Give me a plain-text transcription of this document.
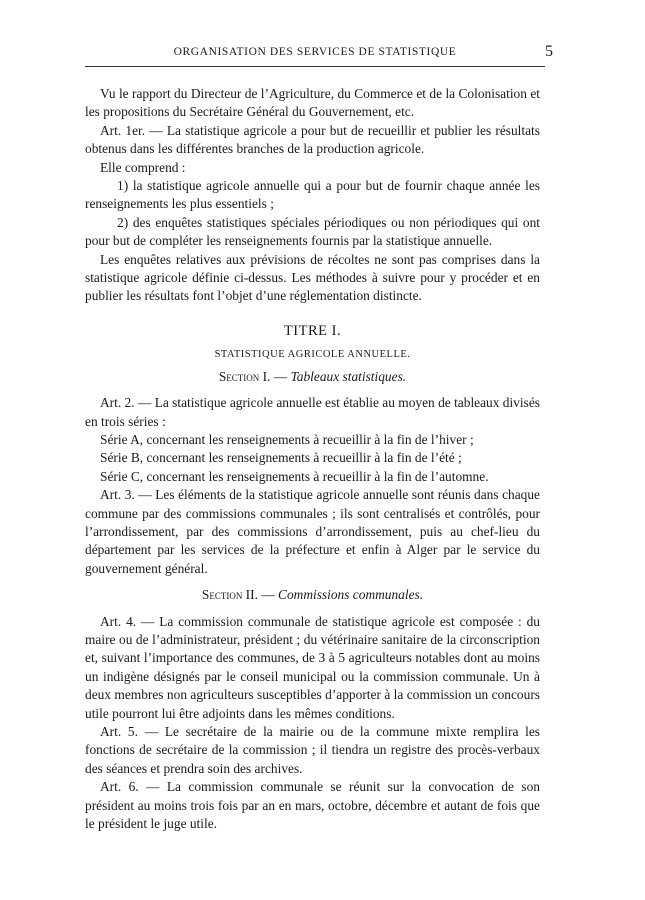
ORGANISATION DES SERVICES DE STATISTIQUE	5

Vu le rapport du Directeur de l’Agriculture, du Commerce et de la Colonisation et les propositions du Secrétaire Général du Gouvernement, etc.

Art. 1er. — La statistique agricole a pour but de recueillir et publier les résultats obtenus dans les différentes branches de la production agricole.

Elle comprend :

1) la statistique agricole annuelle qui a pour but de fournir chaque année les renseignements les plus essentiels ;

2) des enquêtes statistiques spéciales périodiques ou non périodiques qui ont pour but de compléter les renseignements fournis par la statistique annuelle.

Les enquêtes relatives aux prévisions de récoltes ne sont pas comprises dans la statistique agricole définie ci-dessus. Les méthodes à suivre pour y procéder et en publier les résultats font l’objet d’une réglementation distincte.

TITRE I.
STATISTIQUE AGRICOLE ANNUELLE.
Section I. — Tableaux statistiques.

Art. 2. — La statistique agricole annuelle est établie au moyen de tableaux divisés en trois séries :

Série A, concernant les renseignements à recueillir à la fin de l’hiver ;

Série B, concernant les renseignements à recueillir à la fin de l’été ;

Série C, concernant les renseignements à recueillir à la fin de l’automne.

Art. 3. — Les éléments de la statistique agricole annuelle sont réunis dans chaque commune par des commissions communales ; ils sont centralisés et contrôlés, pour l’arrondissement, par des commissions d’arrondissement, puis au chef-lieu du département par les services de la préfecture et enfin à Alger par le service du gouvernement général.

Section II. — Commissions communales.

Art. 4. — La commission communale de statistique agricole est composée : du maire ou de l’administrateur, président ; du vétérinaire sanitaire de la circonscription et, suivant l’importance des communes, de 3 à 5 agriculteurs notables dont au moins un indigène désignés par le conseil municipal ou la commission communale. Un à deux membres non agriculteurs susceptibles d’apporter à la commission un concours utile pourront lui être adjoints dans les mêmes conditions.

Art. 5. — Le secrétaire de la mairie ou de la commune mixte remplira les fonctions de secrétaire de la commission ; il tiendra un registre des procès-verbaux des séances et prendra soin des archives.

Art. 6. — La commission communale se réunit sur la convocation de son président au moins trois fois par an en mars, octobre, décembre et autant de fois que le président le juge utile.
